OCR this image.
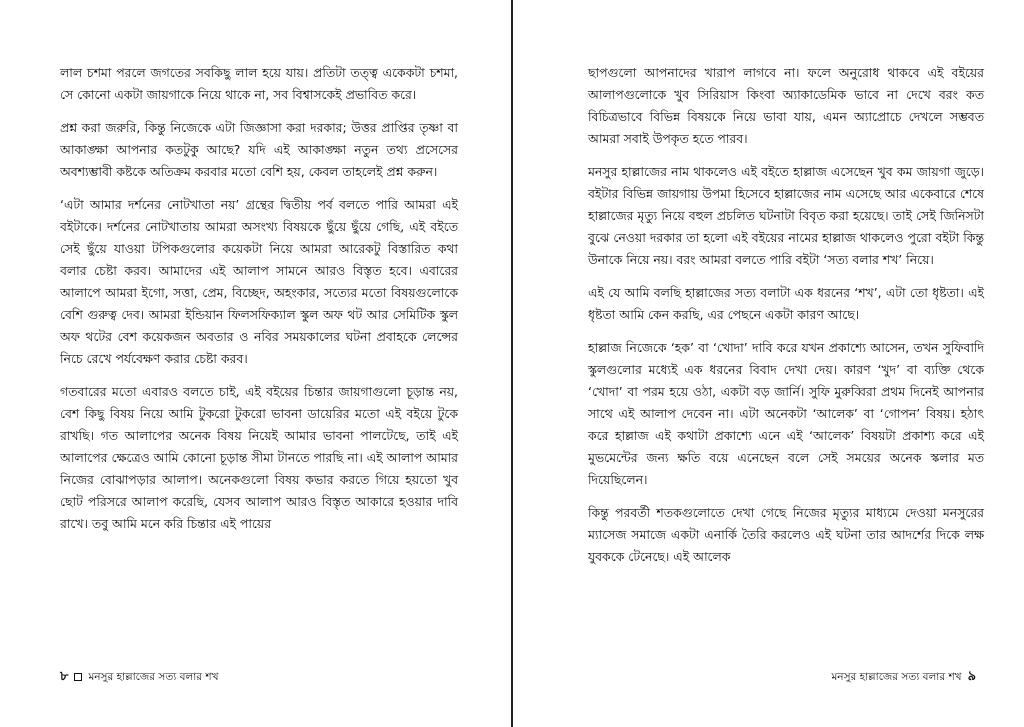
লাল চশমা পরলে জগতের সবকিছু লাল হয়ে যায়। প্রতিটা তত্ত্ব একেকটা চশমা, সে কোনো একটা জায়গাকে নিয়ে থাকে না, সব বিশ্বাসকেই প্রভাবিত করে।

প্রশ্ন করা জরুরি, কিন্তু নিজেকে এটা জিজ্ঞাসা করা দরকার; উত্তর প্রাপ্তির তৃষ্ণা বা আকাঙ্ক্ষা আপনার কতটুকু আছে? যদি এই আকাঙ্ক্ষা নতুন তথ্য প্রসেসের অবশ্যম্ভাবী কষ্টকে অতিক্রম করবার মতো বেশি হয়, কেবল তাহলেই প্রশ্ন করুন।

‘এটা আমার দর্শনের নোটখাতা নয়’ গ্রন্থের দ্বিতীয় পর্ব বলতে পারি আমরা এই বইটাকে। দর্শনের নোটখাতায় আমরা অসংখ্য বিষয়কে ছুঁয়ে ছুঁয়ে গেছি, এই বইতে সেই ছুঁয়ে যাওয়া টপিকগুলোর কয়েকটা নিয়ে আমরা আরেকটু বিস্তারিত কথা বলার চেষ্টা করব। আমাদের এই আলাপ সামনে আরও বিস্তৃত হবে। এবারের আলাপে আমরা ইগো, সত্তা, প্রেম, বিচ্ছেদ, অহংকার, সত্যের মতো বিষয়গুলোকে বেশি গুরুত্ব দেব। আমরা ইন্ডিয়ান ফিলসফিক্যাল স্কুল অফ থট আর সেমিটিক স্কুল অফ থটের বেশ কয়েকজন অবতার ও নবির সময়কালের ঘটনা প্রবাহকে লেন্সের নিচে রেখে পর্যবেক্ষণ করার চেষ্টা করব।

গতবারের মতো এবারও বলতে চাই, এই বইয়ের চিন্তার জায়গাগুলো চূড়ান্ত নয়, বেশ কিছু বিষয় নিয়ে আমি টুকরো টুকরো ভাবনা ডায়েরির মতো এই বইয়ে টুকে রাখছি। গত আলাপের অনেক বিষয় নিয়েই আমার ভাবনা পালটেছে, তাই এই আলাপের ক্ষেত্রেও আমি কোনো চূড়ান্ত সীমা টানতে পারছি না। এই আলাপ আমার নিজের বোঝাপড়ার আলাপ। অনেকগুলো বিষয় কভার করতে গিয়ে হয়তো খুব ছোট পরিসরে আলাপ করেছি, যেসব আলাপ আরও বিস্তৃত আকারে হওয়ার দাবি রাখে। তবু আমি মনে করি চিন্তার এই পায়ের

৮ মনসুর হাল্লাজের সত্য বলার শখ

ছাপগুলো আপনাদের খারাপ লাগবে না। ফলে অনুরোধ থাকবে এই বইয়ের আলাপগুলোকে খুব সিরিয়াস কিংবা অ্যাকাডেমিক ভাবে না দেখে বরং কত বিচিত্রভাবে বিভিন্ন বিষয়কে নিয়ে ভাবা যায়, এমন অ্যাপ্রোচে দেখলে সম্ভবত আমরা সবাই উপকৃত হতে পারব।

মনসুর হাল্লাজের নাম থাকলেও এই বইতে হাল্লাজ এসেছেন খুব কম জায়গা জুড়ে। বইটার বিভিন্ন জায়গায় উপমা হিসেবে হাল্লাজের নাম এসেছে আর একেবারে শেষে হাল্লাজের মৃত্যু নিয়ে বহুল প্রচলিত ঘটনাটা বিবৃত করা হয়েছে। তাই সেই জিনিসটা বুঝে নেওয়া দরকার তা হলো এই বইয়ের নামের হাল্লাজ থাকলেও পুরো বইটা কিন্তু উনাকে নিয়ে নয়। বরং আমরা বলতে পারি বইটা ‘সত্য বলার শখ’ নিয়ে।

এই যে আমি বলছি হাল্লাজের সত্য বলাটা এক ধরনের ‘শখ’, এটা তো ধৃষ্টতা। এই ধৃষ্টতা আমি কেন করছি, এর পেছনে একটা কারণ আছে।

হাল্লাজ নিজেকে ‘হক’ বা ‘খোদা’ দাবি করে যখন প্রকাশ্যে আসেন, তখন সুফিবাদি স্কুলগুলোর মধ্যেই এক ধরনের বিবাদ দেখা দেয়। কারণ ‘খুদ’ বা ব্যক্তি থেকে ‘খোদা’ বা পরম হয়ে ওঠা, একটা বড় জার্নি। সুফি মুরুব্বিরা প্রথম দিনেই আপনার সাথে এই আলাপ দেবেন না। এটা অনেকটা ‘আলেক’ বা ‘গোপন’ বিষয়। হঠাৎ করে হাল্লাজ এই কথাটা প্রকাশ্যে এনে এই ‘আলেক’ বিষয়টা প্রকাশ্য করে এই মুভমেন্টের জন্য ক্ষতি বয়ে এনেছেন বলে সেই সময়ের অনেক স্কলার মত দিয়েছিলেন।

কিন্তু পরবর্তী শতকগুলোতে দেখা গেছে নিজের মৃত্যুর মাধ্যমে দেওয়া মনসুরের ম্যাসেজ সমাজে একটা এনার্কি তৈরি করলেও এই ঘটনা তার আদর্শের দিকে লক্ষ যুবককে টেনেছে। এই আলেক

মনসুর হাল্লাজের সত্য বলার শখ ৯
